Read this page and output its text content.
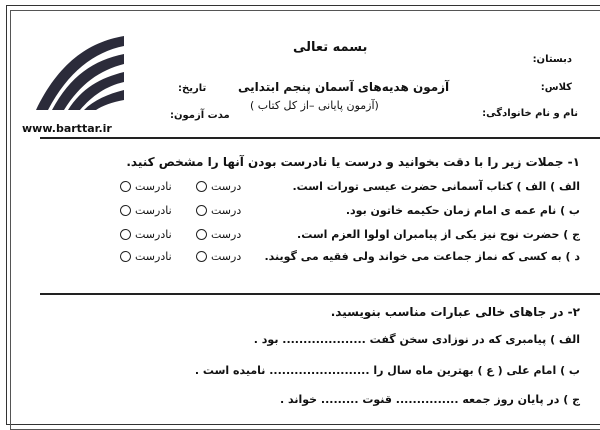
www.barttar.ir
بسمه تعالی
آزمون هدیه‌های آسمان پنجم ابتدایی
(آزمون پایانی –از کل کتاب )
دبستان:
کلاس:
نام و نام خانوادگی:
تاریخ:
مدت آزمون:
۱- جملات زیر را با دقت بخوانید و درست یا نادرست بودن آنها را مشخص کنید.
الف ) الف ) کتاب آسمانی حضرت عیسی تورات است.
درست
نادرست
ب ) نام عمه ی امام زمان حکیمه خاتون بود.
درست
نادرست
ج ) حضرت نوح نیز یکی از پیامبران اولوا العزم است.
درست
نادرست
د ) به کسی که نماز جماعت می خواند ولی فقیه می گویند.
درست
نادرست
۲- در جاهای خالی عبارات مناسب بنویسید.
الف ) پیامبری که در نوزادی سخن گفت .................... بود .
ب ) امام علی ( ع ) بهترین ماه سال را ........................ نامیده است .
ج ) در پایان روز جمعه ............... قنوت ......... خواند .
